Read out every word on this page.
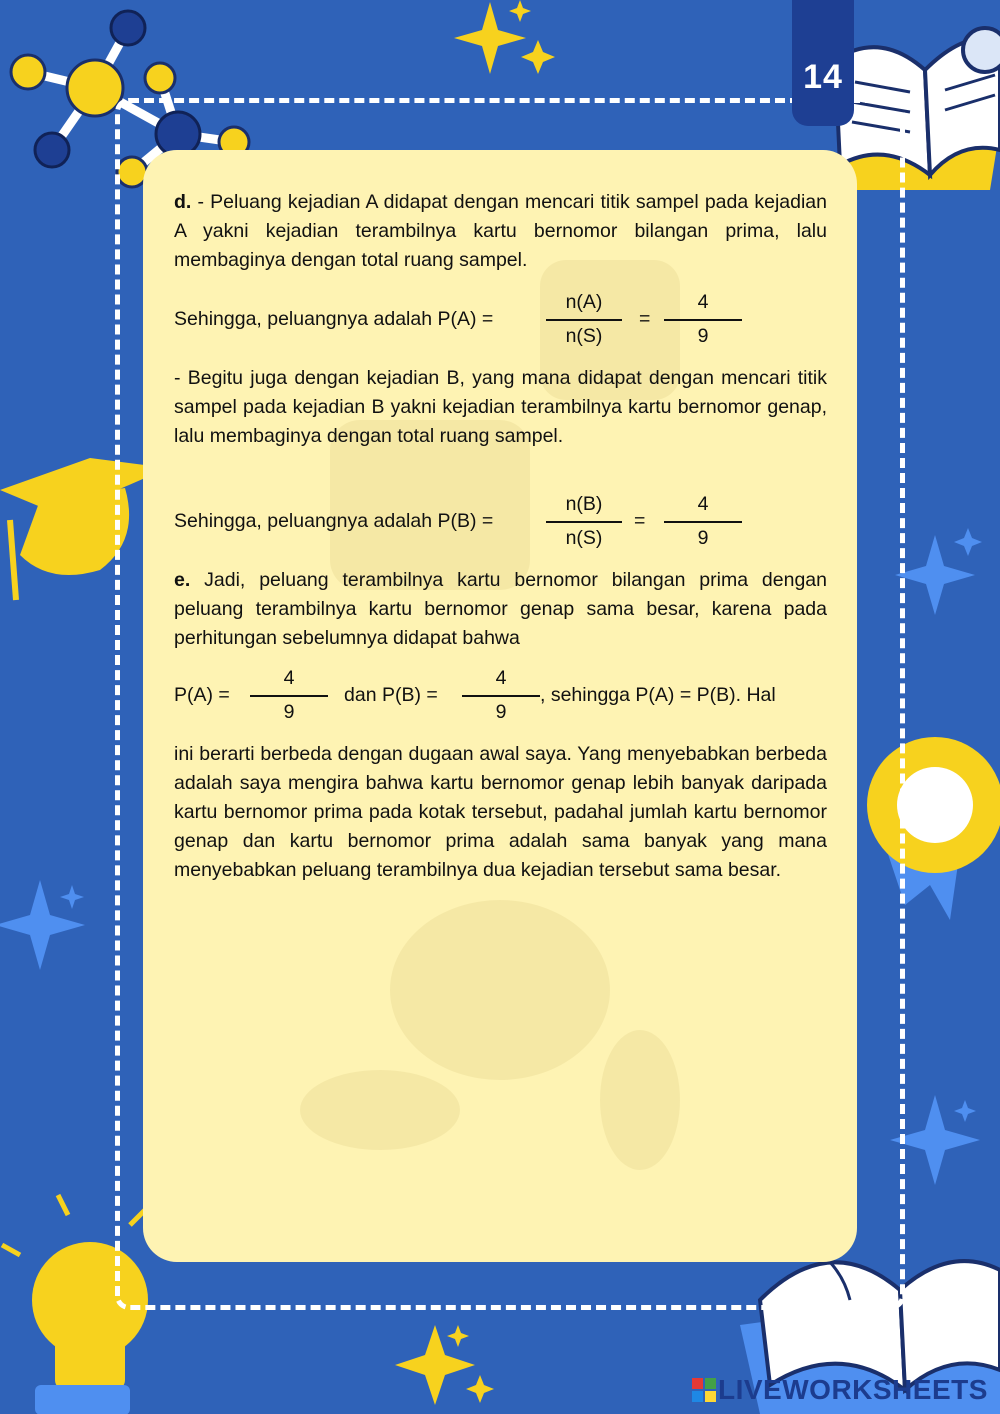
14
d. - Peluang kejadian A didapat dengan mencari titik sampel pada kejadian A yakni kejadian terambilnya kartu bernomor bilangan prima, lalu membaginya dengan total ruang sampel.
Sehingga, peluangnya adalah P(A) =
n(A)
n(S)
=
4
9
- Begitu juga dengan kejadian B, yang mana didapat dengan mencari titik sampel pada kejadian B yakni kejadian terambilnya kartu bernomor genap, lalu membaginya dengan total ruang sampel.
Sehingga, peluangnya adalah P(B) =
n(B)
n(S)
=
4
9
e. Jadi, peluang terambilnya kartu bernomor bilangan prima dengan peluang terambilnya kartu bernomor genap sama besar, karena pada perhitungan sebelumnya didapat bahwa
P(A) =
4
9
dan P(B) =
4
9
, sehingga P(A) = P(B). Hal
ini berarti berbeda dengan dugaan awal saya. Yang menyebabkan berbeda adalah saya mengira bahwa kartu bernomor genap lebih banyak daripada kartu bernomor prima pada kotak tersebut, padahal jumlah kartu bernomor genap dan kartu bernomor prima adalah sama banyak yang mana menyebabkan peluang terambilnya dua kejadian tersebut sama besar.
LIVEWORKSHEETS
